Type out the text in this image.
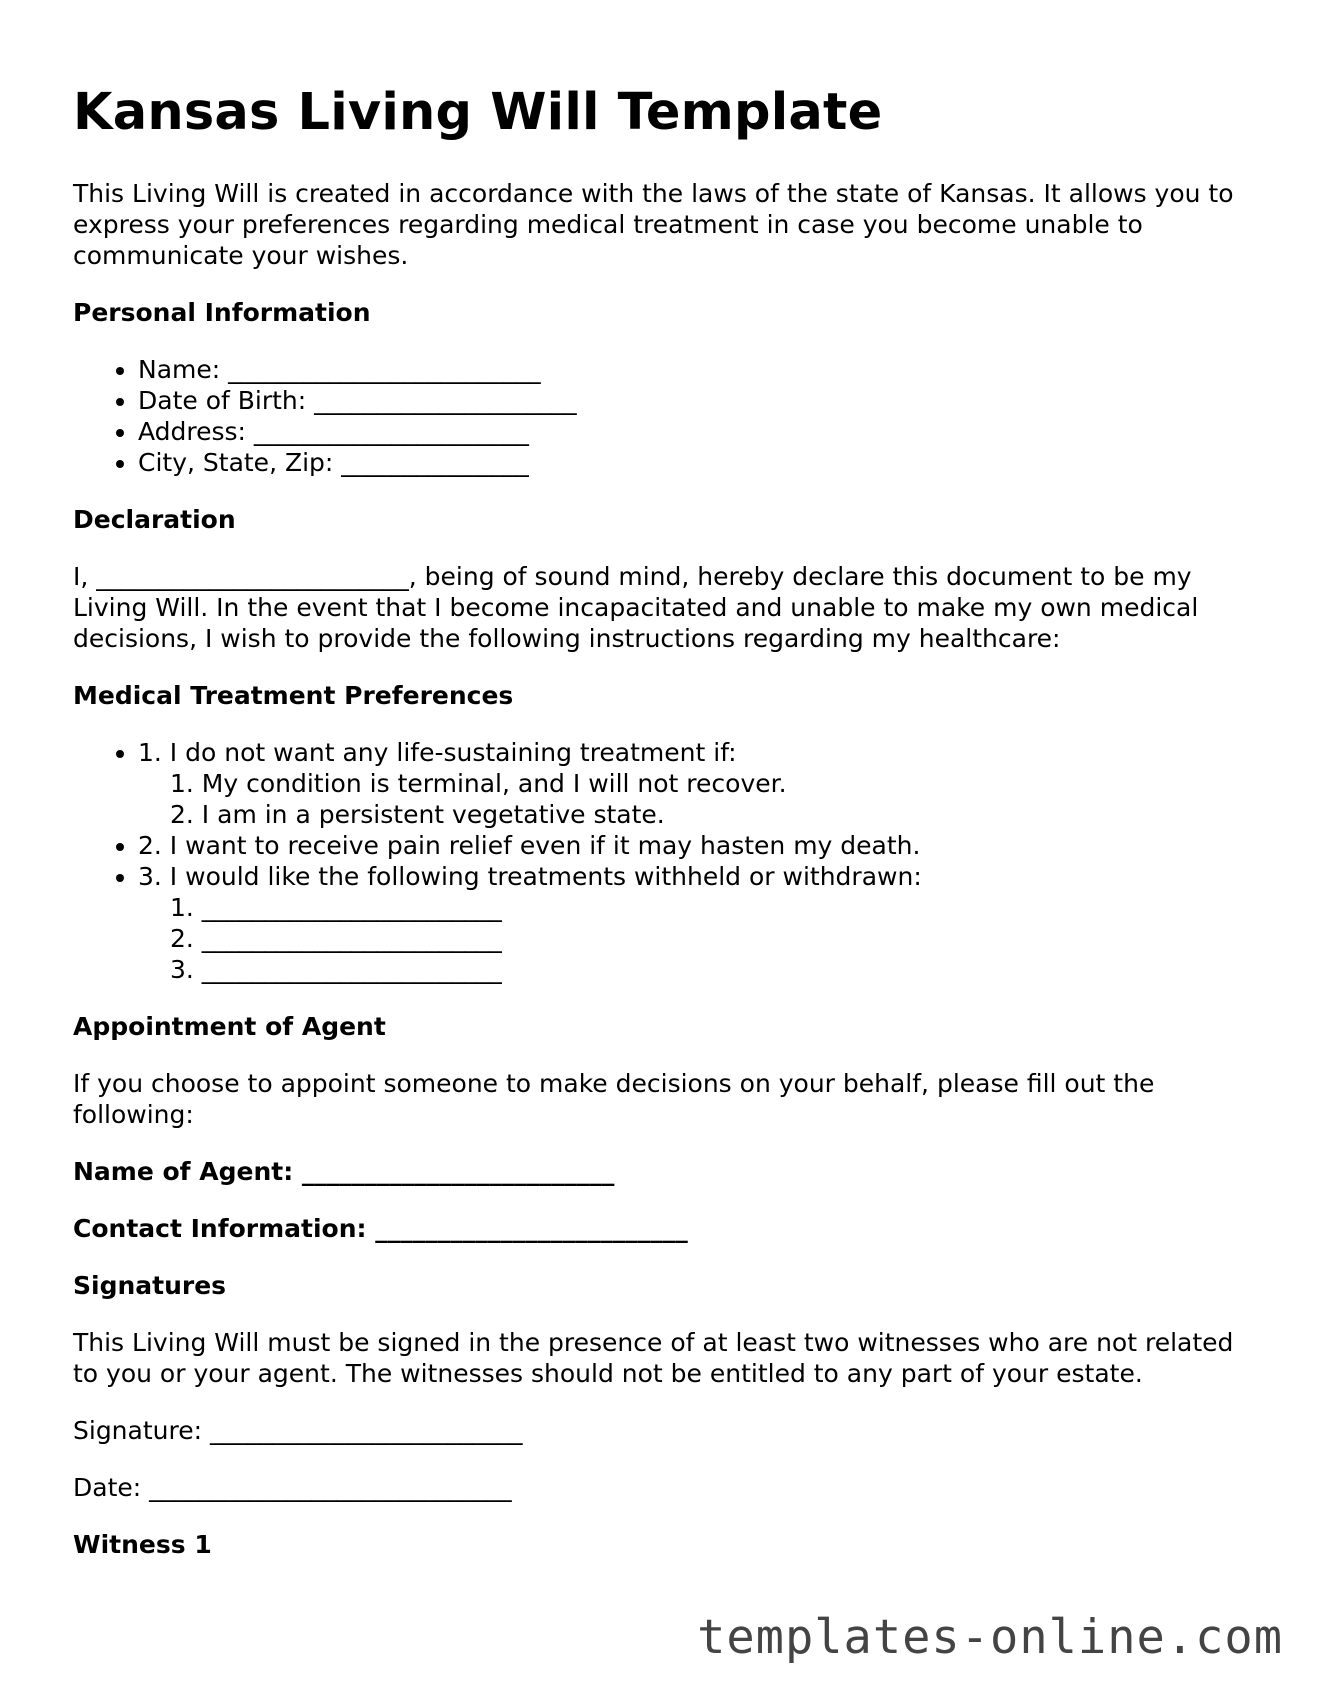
Kansas Living Will Template

This Living Will is created in accordance with the laws of the state of Kansas. It allows you to express your preferences regarding medical treatment in case you become unable to communicate your wishes.

Personal Information
• Name: _________________________
• Date of Birth: _____________________
• Address: ______________________
• City, State, Zip: _______________
Declaration

I, _________________________, being of sound mind, hereby declare this document to be my Living Will. In the event that I become incapacitated and unable to make my own medical decisions, I wish to provide the following instructions regarding my healthcare:

Medical Treatment Preferences
• 1. I do not want any life-sustaining treatment if:
1. My condition is terminal, and I will not recover.
2. I am in a persistent vegetative state.
• 2. I want to receive pain relief even if it may hasten my death.
• 3. I would like the following treatments withheld or withdrawn:
1. ________________________
2. ________________________
3. ________________________
Appointment of Agent

If you choose to appoint someone to make decisions on your behalf, please fill out the following:

Name of Agent: _________________________

Contact Information: _________________________

Signatures

This Living Will must be signed in the presence of at least two witnesses who are not related to you or your agent. The witnesses should not be entitled to any part of your estate.

Signature: _________________________

Date: _____________________________

Witness 1
templates-online.com
